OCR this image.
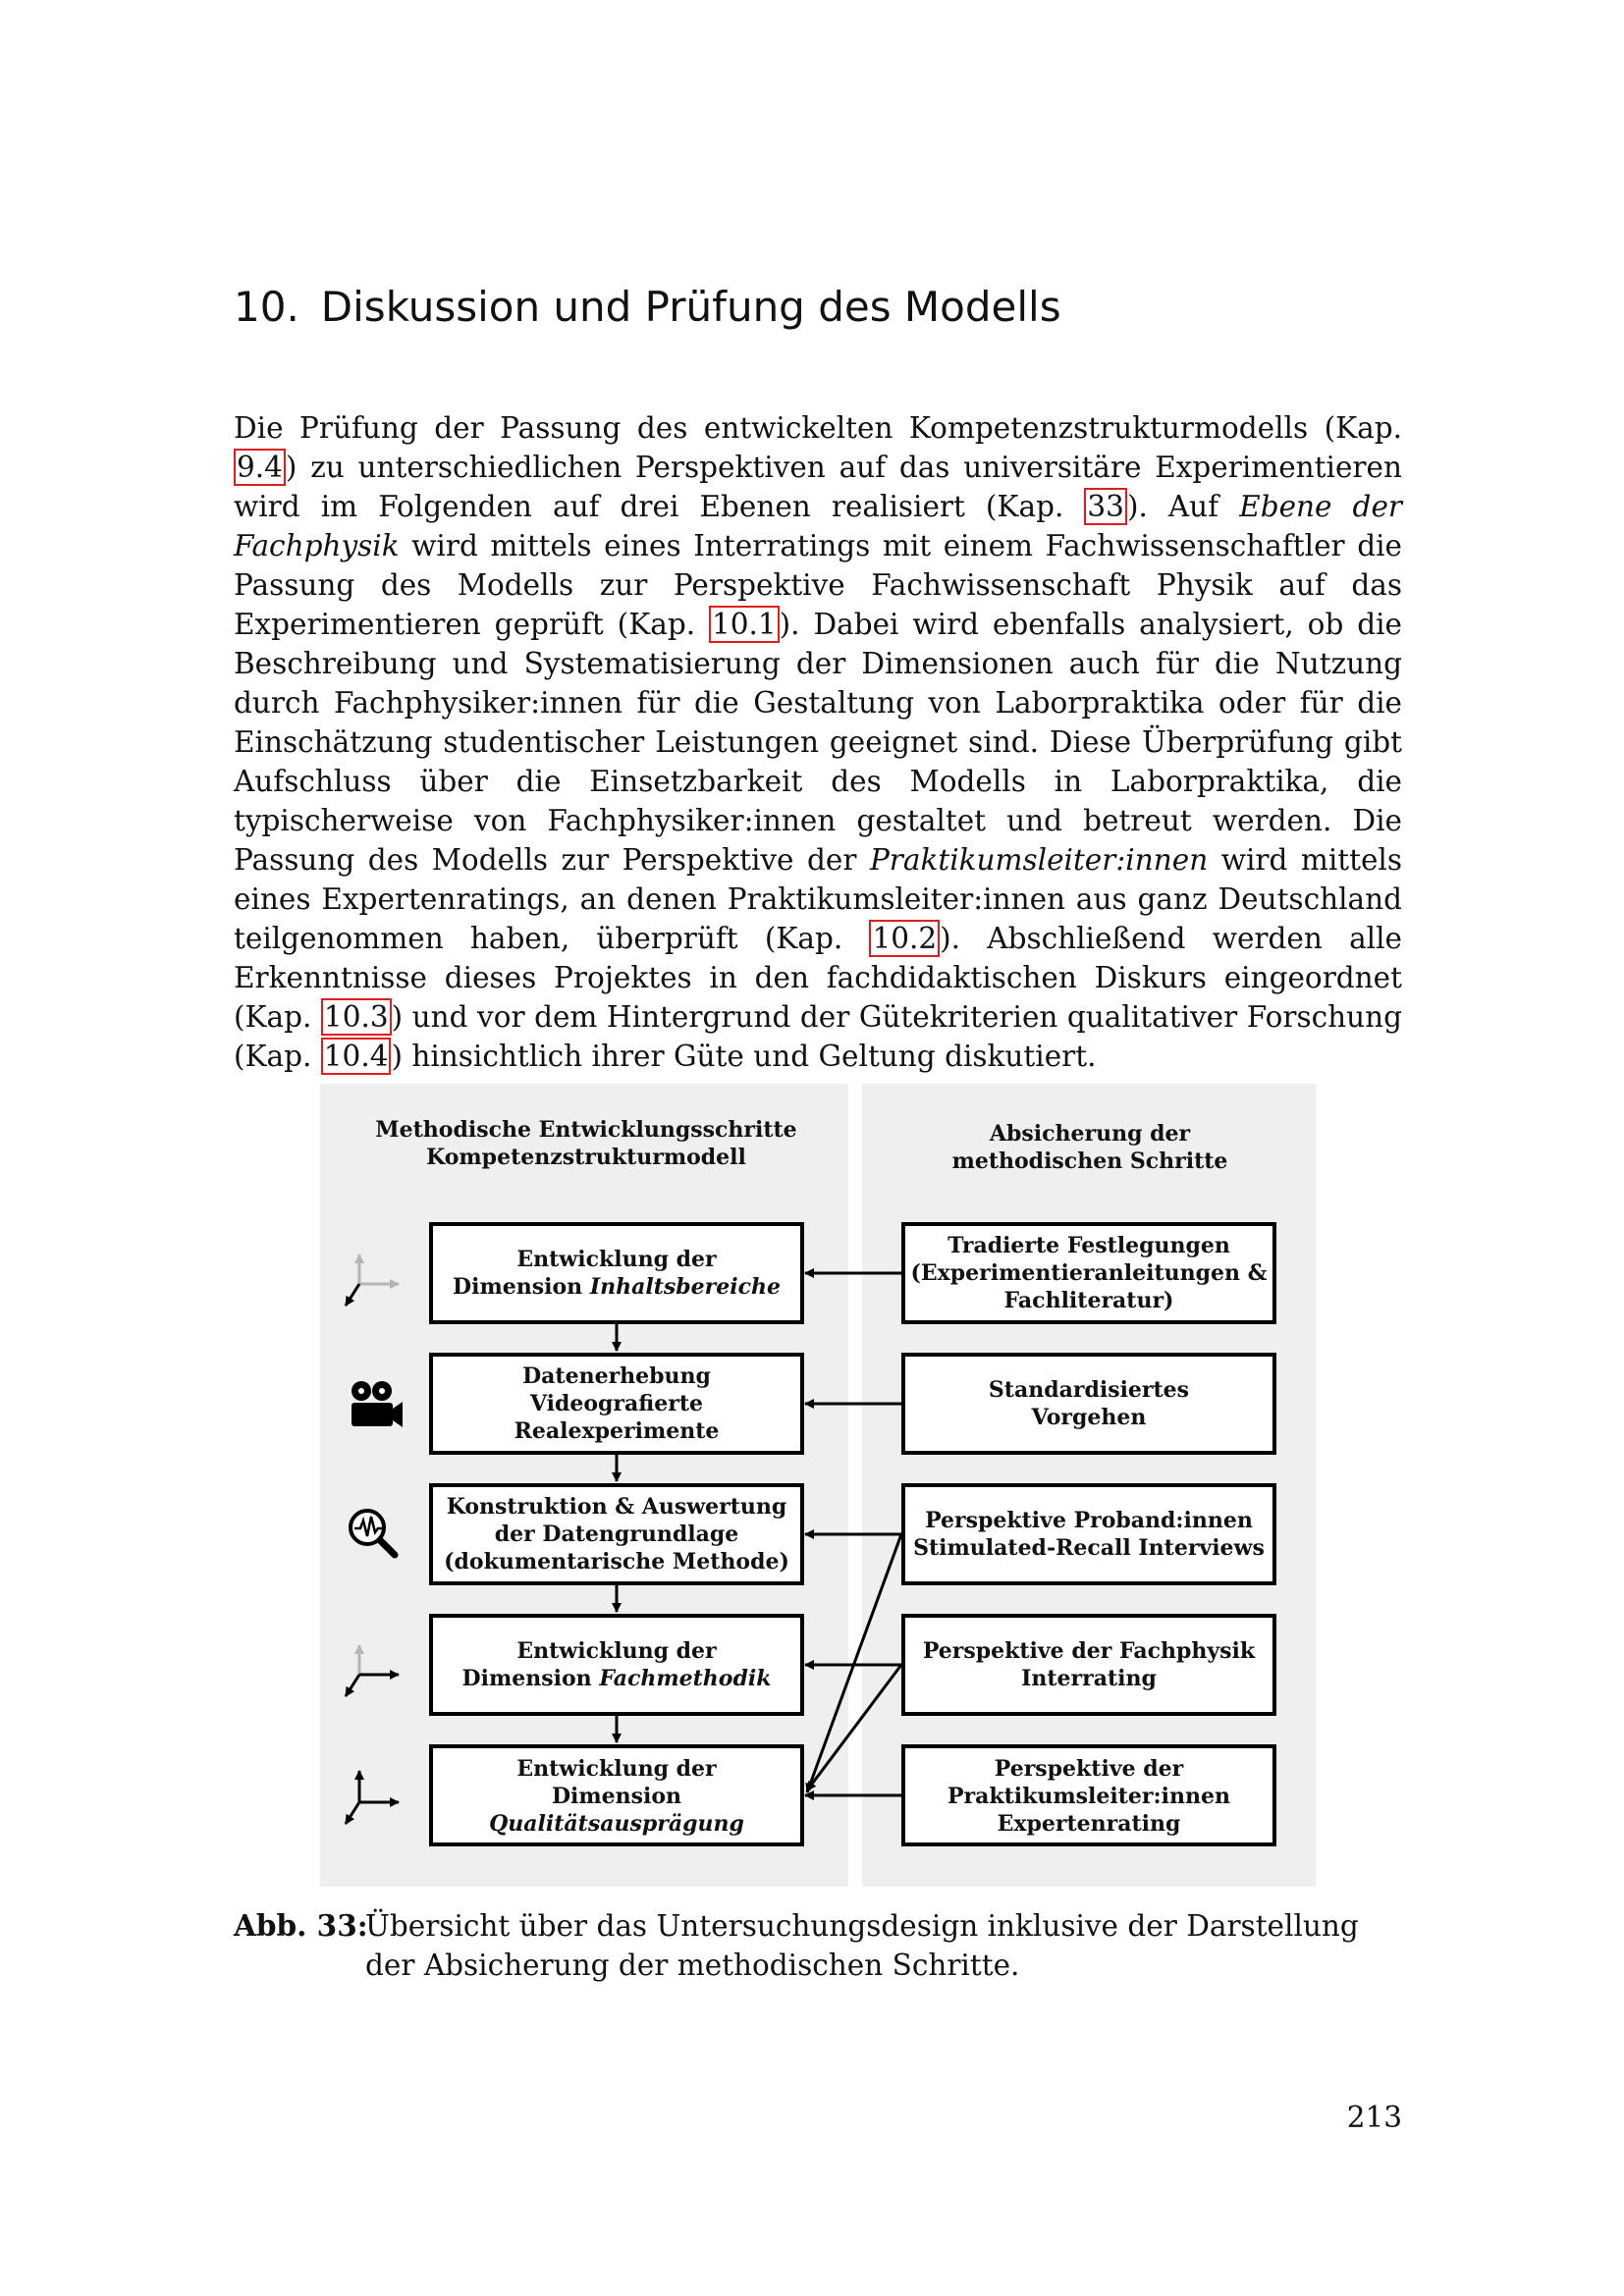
10. Diskussion und Prüfung des Modells

Die Prüfung der Passung des entwickelten Kompetenzstrukturmodells (Kap. 9.4 ) zu unterschiedlichen Perspektiven auf das universitäre Experimentieren wird im Folgenden auf drei Ebenen realisiert (Kap. 33 ). Auf Ebene der Fachphysik wird mittels eines Interratings mit einem Fachwissenschaftler die Passung des Modells zur Perspektive Fachwissenschaft Physik auf das Experimentieren geprüft (Kap. 10.1 ). Dabei wird ebenfalls analysiert, ob die Beschreibung und Systematisierung der Dimensionen auch für die Nutzung durch Fachphysiker:innen für die Gestaltung von Laborpraktika oder für die Einschätzung studentischer Leistungen geeignet sind. Diese Überprüfung gibt Aufschluss über die Einsetzbarkeit des Modells in Laborpraktika, die typischerweise von Fachphysiker:innen gestaltet und betreut werden. Die Passung des Modells zur Perspektive der Praktikumsleiter:innen wird mittels eines Expertenratings, an denen Praktikumsleiter:innen aus ganz Deutschland teilgenommen haben, überprüft (Kap. 10.2 ). Abschließend werden alle Erkenntnisse dieses Projektes in den fachdidaktischen Diskurs eingeordnet (Kap. 10.3 ) und vor dem Hintergrund der Gütekriterien qualitativer Forschung (Kap. 10.4 ) hinsichtlich ihrer Güte und Geltung diskutiert.

Methodische Entwicklungsschritte
Kompetenzstrukturmodell
Absicherung der
methodischen Schritte
Entwicklung der
Dimension Inhaltsbereiche
Datenerhebung
Videografierte
Realexperimente
Konstruktion & Auswertung
der Datengrundlage
(dokumentarische Methode)
Entwicklung der
Dimension Fachmethodik
Entwicklung der
Dimension
Qualitätsausprägung
Tradierte Festlegungen
(Experimentieranleitungen &
Fachliteratur)
Standardisiertes
Vorgehen
Perspektive Proband:innen
Stimulated-Recall Interviews
Perspektive der Fachphysik
Interrating
Perspektive der
Praktikumsleiter:innen
Expertenrating
Abb. 33:
Übersicht über das Untersuchungsdesign inklusive der Darstellung der Absicherung der methodischen Schritte.
213
